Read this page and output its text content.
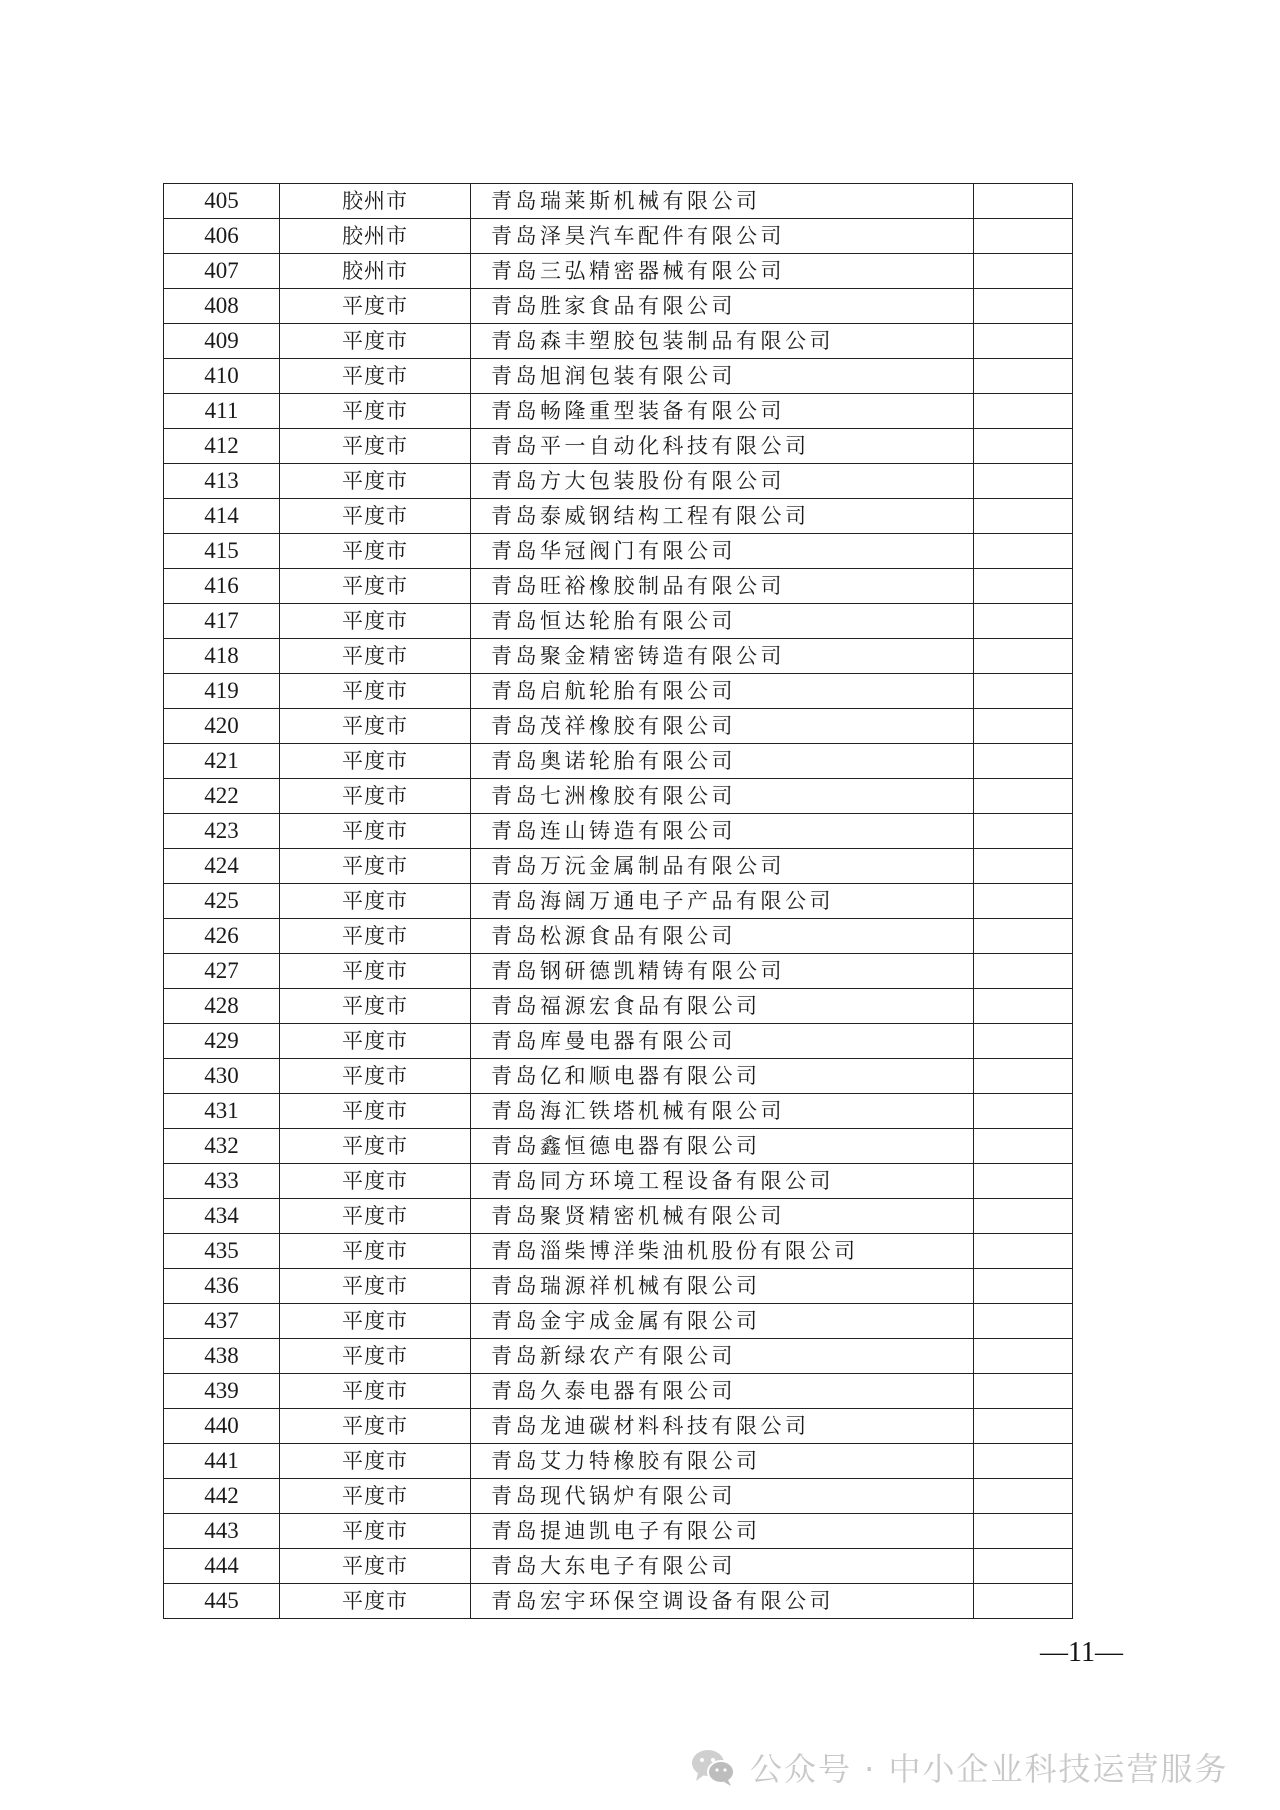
405	胶州市	青岛瑞莱斯机械有限公司	
406	胶州市	青岛泽昊汽车配件有限公司	
407	胶州市	青岛三弘精密器械有限公司	
408	平度市	青岛胜家食品有限公司	
409	平度市	青岛森丰塑胶包装制品有限公司	
410	平度市	青岛旭润包装有限公司	
411	平度市	青岛畅隆重型装备有限公司	
412	平度市	青岛平一自动化科技有限公司	
413	平度市	青岛方大包装股份有限公司	
414	平度市	青岛泰威钢结构工程有限公司	
415	平度市	青岛华冠阀门有限公司	
416	平度市	青岛旺裕橡胶制品有限公司	
417	平度市	青岛恒达轮胎有限公司	
418	平度市	青岛聚金精密铸造有限公司	
419	平度市	青岛启航轮胎有限公司	
420	平度市	青岛茂祥橡胶有限公司	
421	平度市	青岛奥诺轮胎有限公司	
422	平度市	青岛七洲橡胶有限公司	
423	平度市	青岛连山铸造有限公司	
424	平度市	青岛万沅金属制品有限公司	
425	平度市	青岛海阔万通电子产品有限公司	
426	平度市	青岛松源食品有限公司	
427	平度市	青岛钢研德凯精铸有限公司	
428	平度市	青岛福源宏食品有限公司	
429	平度市	青岛库曼电器有限公司	
430	平度市	青岛亿和顺电器有限公司	
431	平度市	青岛海汇铁塔机械有限公司	
432	平度市	青岛鑫恒德电器有限公司	
433	平度市	青岛同方环境工程设备有限公司	
434	平度市	青岛聚贤精密机械有限公司	
435	平度市	青岛淄柴博洋柴油机股份有限公司	
436	平度市	青岛瑞源祥机械有限公司	
437	平度市	青岛金宇成金属有限公司	
438	平度市	青岛新绿农产有限公司	
439	平度市	青岛久泰电器有限公司	
440	平度市	青岛龙迪碳材料科技有限公司	
441	平度市	青岛艾力特橡胶有限公司	
442	平度市	青岛现代锅炉有限公司	
443	平度市	青岛提迪凯电子有限公司	
444	平度市	青岛大东电子有限公司	
445	平度市	青岛宏宇环保空调设备有限公司	
—11—
公众号 · 中小企业科技运营服务
